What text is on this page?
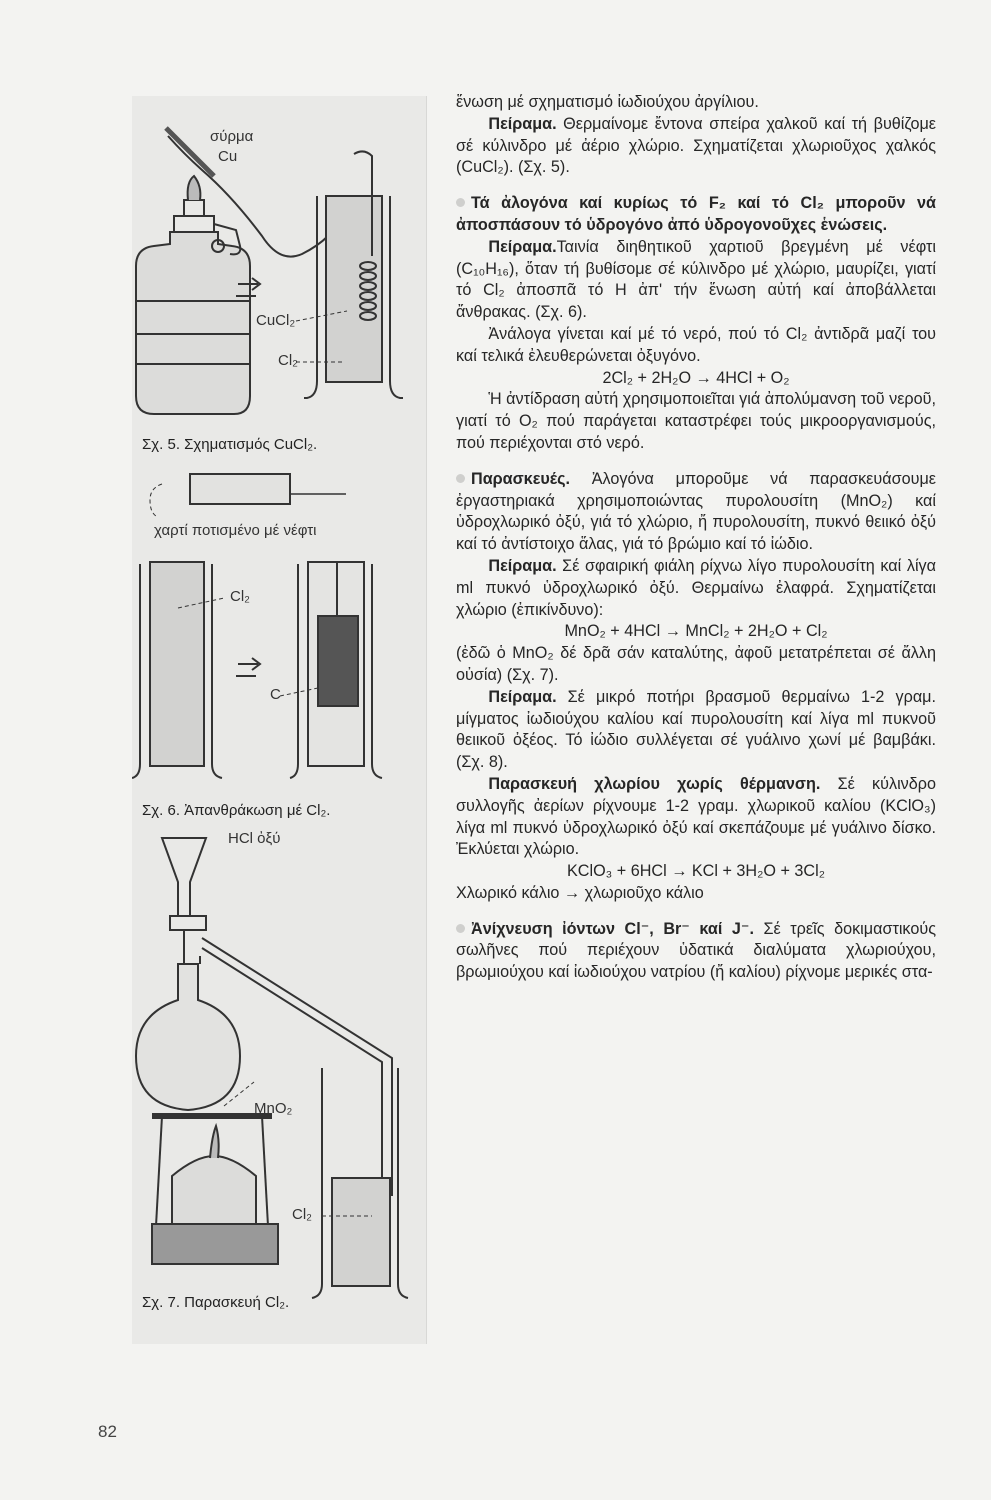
σύρμα
Cu
CuCl₂
Cl₂
Σχ. 5. Σχηματισμός CuCl₂.
χαρτί ποτισμένο μέ νέφτι
Cl₂
C
Σχ. 6. Ἀπανθράκωση μέ Cl₂.
HCl ὀξύ
MnO₂
Cl₂
Σχ. 7. Παρασκευή Cl₂.

ἕνωση μέ σχηματισμό ἰωδιούχου ἀργίλιου.

  Πείραμα. Θερμαίνομε ἔντονα σπείρα χαλκοῦ καί τή βυθίζομε σέ κύλινδρο μέ ἀέριο χλώριο. Σχηματίζεται χλωριοῦχος χαλκός (CuCl₂). (Σχ. 5).

Τά ἀλογόνα καί κυρίως τό F₂ καί τό Cl₂ μποροῦν νά ἀποσπάσουν τό ὑδρογόνο ἀπό ὑδρογονοῦχες ἑνώσεις.

  Πείραμα.Ταινία διηθητικοῦ χαρτιοῦ βρεγμένη μέ νέφτι (C₁₀H₁₆), ὅταν τή βυθίσομε σέ κύλινδρο μέ χλώριο, μαυρίζει, γιατί τό Cl₂ ἀποσπᾶ τό H ἀπ' τήν ἕνωση αὐτή καί ἀποβάλλεται ἄνθρακας. (Σχ. 6).

  Ἀνάλογα γίνεται καί μέ τό νερό, πού τό Cl₂ ἀντιδρᾶ μαζί του καί τελικά ἐλευθερώνεται ὀξυγόνο.

2Cl₂ + 2H₂O → 4HCl + O₂

  Ἡ ἀντίδραση αὐτή χρησιμοποιεῖται γιά ἀπολύμανση τοῦ νεροῦ, γιατί τό O₂ πού παράγεται καταστρέφει τούς μικροοργανισμούς, πού περιέχονται στό νερό.

Παρασκευές. Ἀλογόνα μποροῦμε νά παρασκευάσουμε ἐργαστηριακά χρησιμοποιώντας πυρολουσίτη (MnO₂) καί ὑδροχλωρικό ὀξύ, γιά τό χλώριο, ἤ πυρολουσίτη, πυκνό θειικό ὀξύ καί τό ἀντίστοιχο ἅλας, γιά τό βρώμιο καί τό ἰώδιο.

  Πείραμα. Σέ σφαιρική φιάλη ρίχνω λίγο πυρολουσίτη καί λίγα ml πυκνό ὑδροχλωρικό ὀξύ. Θερμαίνω ἐλαφρά. Σχηματίζεται χλώριο (ἐπικίνδυνο):

MnO₂ + 4HCl → MnCl₂ + 2H₂O + Cl₂

(ἐδῶ ὁ MnO₂ δέ δρᾶ σάν καταλύτης, ἀφοῦ μετατρέπεται σέ ἄλλη οὐσία) (Σχ. 7).

  Πείραμα. Σέ μικρό ποτήρι βρασμοῦ θερμαίνω 1-2 γραμ. μίγματος ἰωδιούχου καλίου καί πυρολουσίτη καί λίγα ml πυκνοῦ θειικοῦ ὀξέος. Τό ἰώδιο συλλέγεται σέ γυάλινο χωνί μέ βαμβάκι. (Σχ. 8).

  Παρασκευή χλωρίου χωρίς θέρμανση. Σέ κύλινδρο συλλογῆς ἀερίων ρίχνουμε 1-2 γραμ. χλωρικοῦ καλίου (KClO₃) λίγα ml πυκνό ὑδροχλωρικό ὀξύ καί σκεπάζουμε μέ γυάλινο δίσκο. Ἐκλύεται χλώριο.

KClO₃ + 6HCl → KCl + 3H₂O + 3Cl₂

Χλωρικό κάλιο → χλωριοῦχο κάλιο

Ἀνίχνευση ἰόντων Cl⁻, Br⁻ καί J⁻. Σέ τρεῖς δοκιμαστικούς σωλῆνες πού περιέχουν ὑδατικά διαλύματα χλωριούχου, βρωμιούχου καί ἰωδιούχου νατρίου (ἤ καλίου) ρίχνομε μερικές στα-

82
